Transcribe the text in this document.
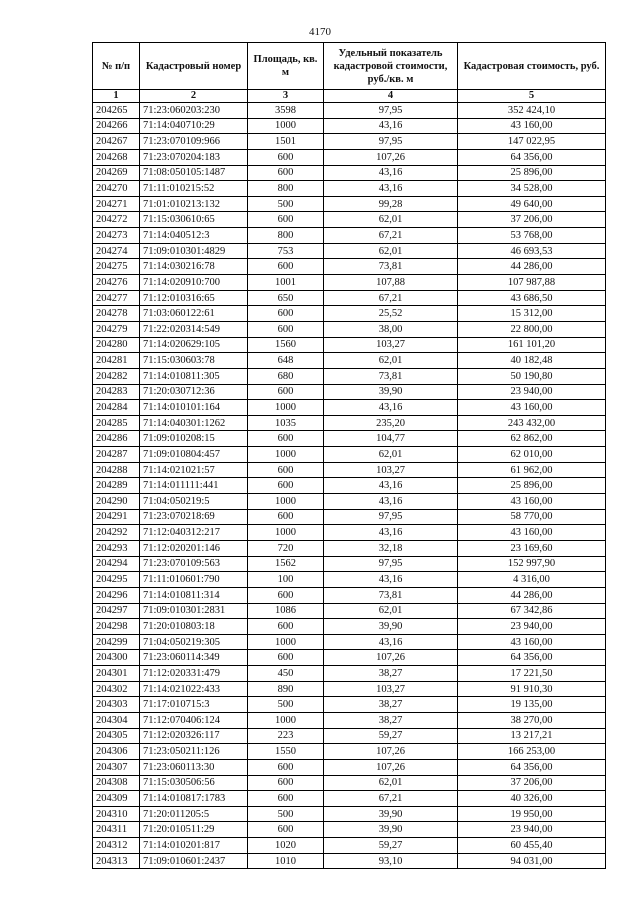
4170
№ п/п	Кадастровый номер	Площадь, кв. м	Удельный показатель кадастровой стоимости, руб./кв. м	Кадастровая стоимость, руб.
1	2	3	4	5
204265	71:23:060203:230	3598	97,95	352 424,10
204266	71:14:040710:29	1000	43,16	43 160,00
204267	71:23:070109:966	1501	97,95	147 022,95
204268	71:23:070204:183	600	107,26	64 356,00
204269	71:08:050105:1487	600	43,16	25 896,00
204270	71:11:010215:52	800	43,16	34 528,00
204271	71:01:010213:132	500	99,28	49 640,00
204272	71:15:030610:65	600	62,01	37 206,00
204273	71:14:040512:3	800	67,21	53 768,00
204274	71:09:010301:4829	753	62,01	46 693,53
204275	71:14:030216:78	600	73,81	44 286,00
204276	71:14:020910:700	1001	107,88	107 987,88
204277	71:12:010316:65	650	67,21	43 686,50
204278	71:03:060122:61	600	25,52	15 312,00
204279	71:22:020314:549	600	38,00	22 800,00
204280	71:14:020629:105	1560	103,27	161 101,20
204281	71:15:030603:78	648	62,01	40 182,48
204282	71:14:010811:305	680	73,81	50 190,80
204283	71:20:030712:36	600	39,90	23 940,00
204284	71:14:010101:164	1000	43,16	43 160,00
204285	71:14:040301:1262	1035	235,20	243 432,00
204286	71:09:010208:15	600	104,77	62 862,00
204287	71:09:010804:457	1000	62,01	62 010,00
204288	71:14:021021:57	600	103,27	61 962,00
204289	71:14:011111:441	600	43,16	25 896,00
204290	71:04:050219:5	1000	43,16	43 160,00
204291	71:23:070218:69	600	97,95	58 770,00
204292	71:12:040312:217	1000	43,16	43 160,00
204293	71:12:020201:146	720	32,18	23 169,60
204294	71:23:070109:563	1562	97,95	152 997,90
204295	71:11:010601:790	100	43,16	4 316,00
204296	71:14:010811:314	600	73,81	44 286,00
204297	71:09:010301:2831	1086	62,01	67 342,86
204298	71:20:010803:18	600	39,90	23 940,00
204299	71:04:050219:305	1000	43,16	43 160,00
204300	71:23:060114:349	600	107,26	64 356,00
204301	71:12:020331:479	450	38,27	17 221,50
204302	71:14:021022:433	890	103,27	91 910,30
204303	71:17:010715:3	500	38,27	19 135,00
204304	71:12:070406:124	1000	38,27	38 270,00
204305	71:12:020326:117	223	59,27	13 217,21
204306	71:23:050211:126	1550	107,26	166 253,00
204307	71:23:060113:30	600	107,26	64 356,00
204308	71:15:030506:56	600	62,01	37 206,00
204309	71:14:010817:1783	600	67,21	40 326,00
204310	71:20:011205:5	500	39,90	19 950,00
204311	71:20:010511:29	600	39,90	23 940,00
204312	71:14:010201:817	1020	59,27	60 455,40
204313	71:09:010601:2437	1010	93,10	94 031,00
